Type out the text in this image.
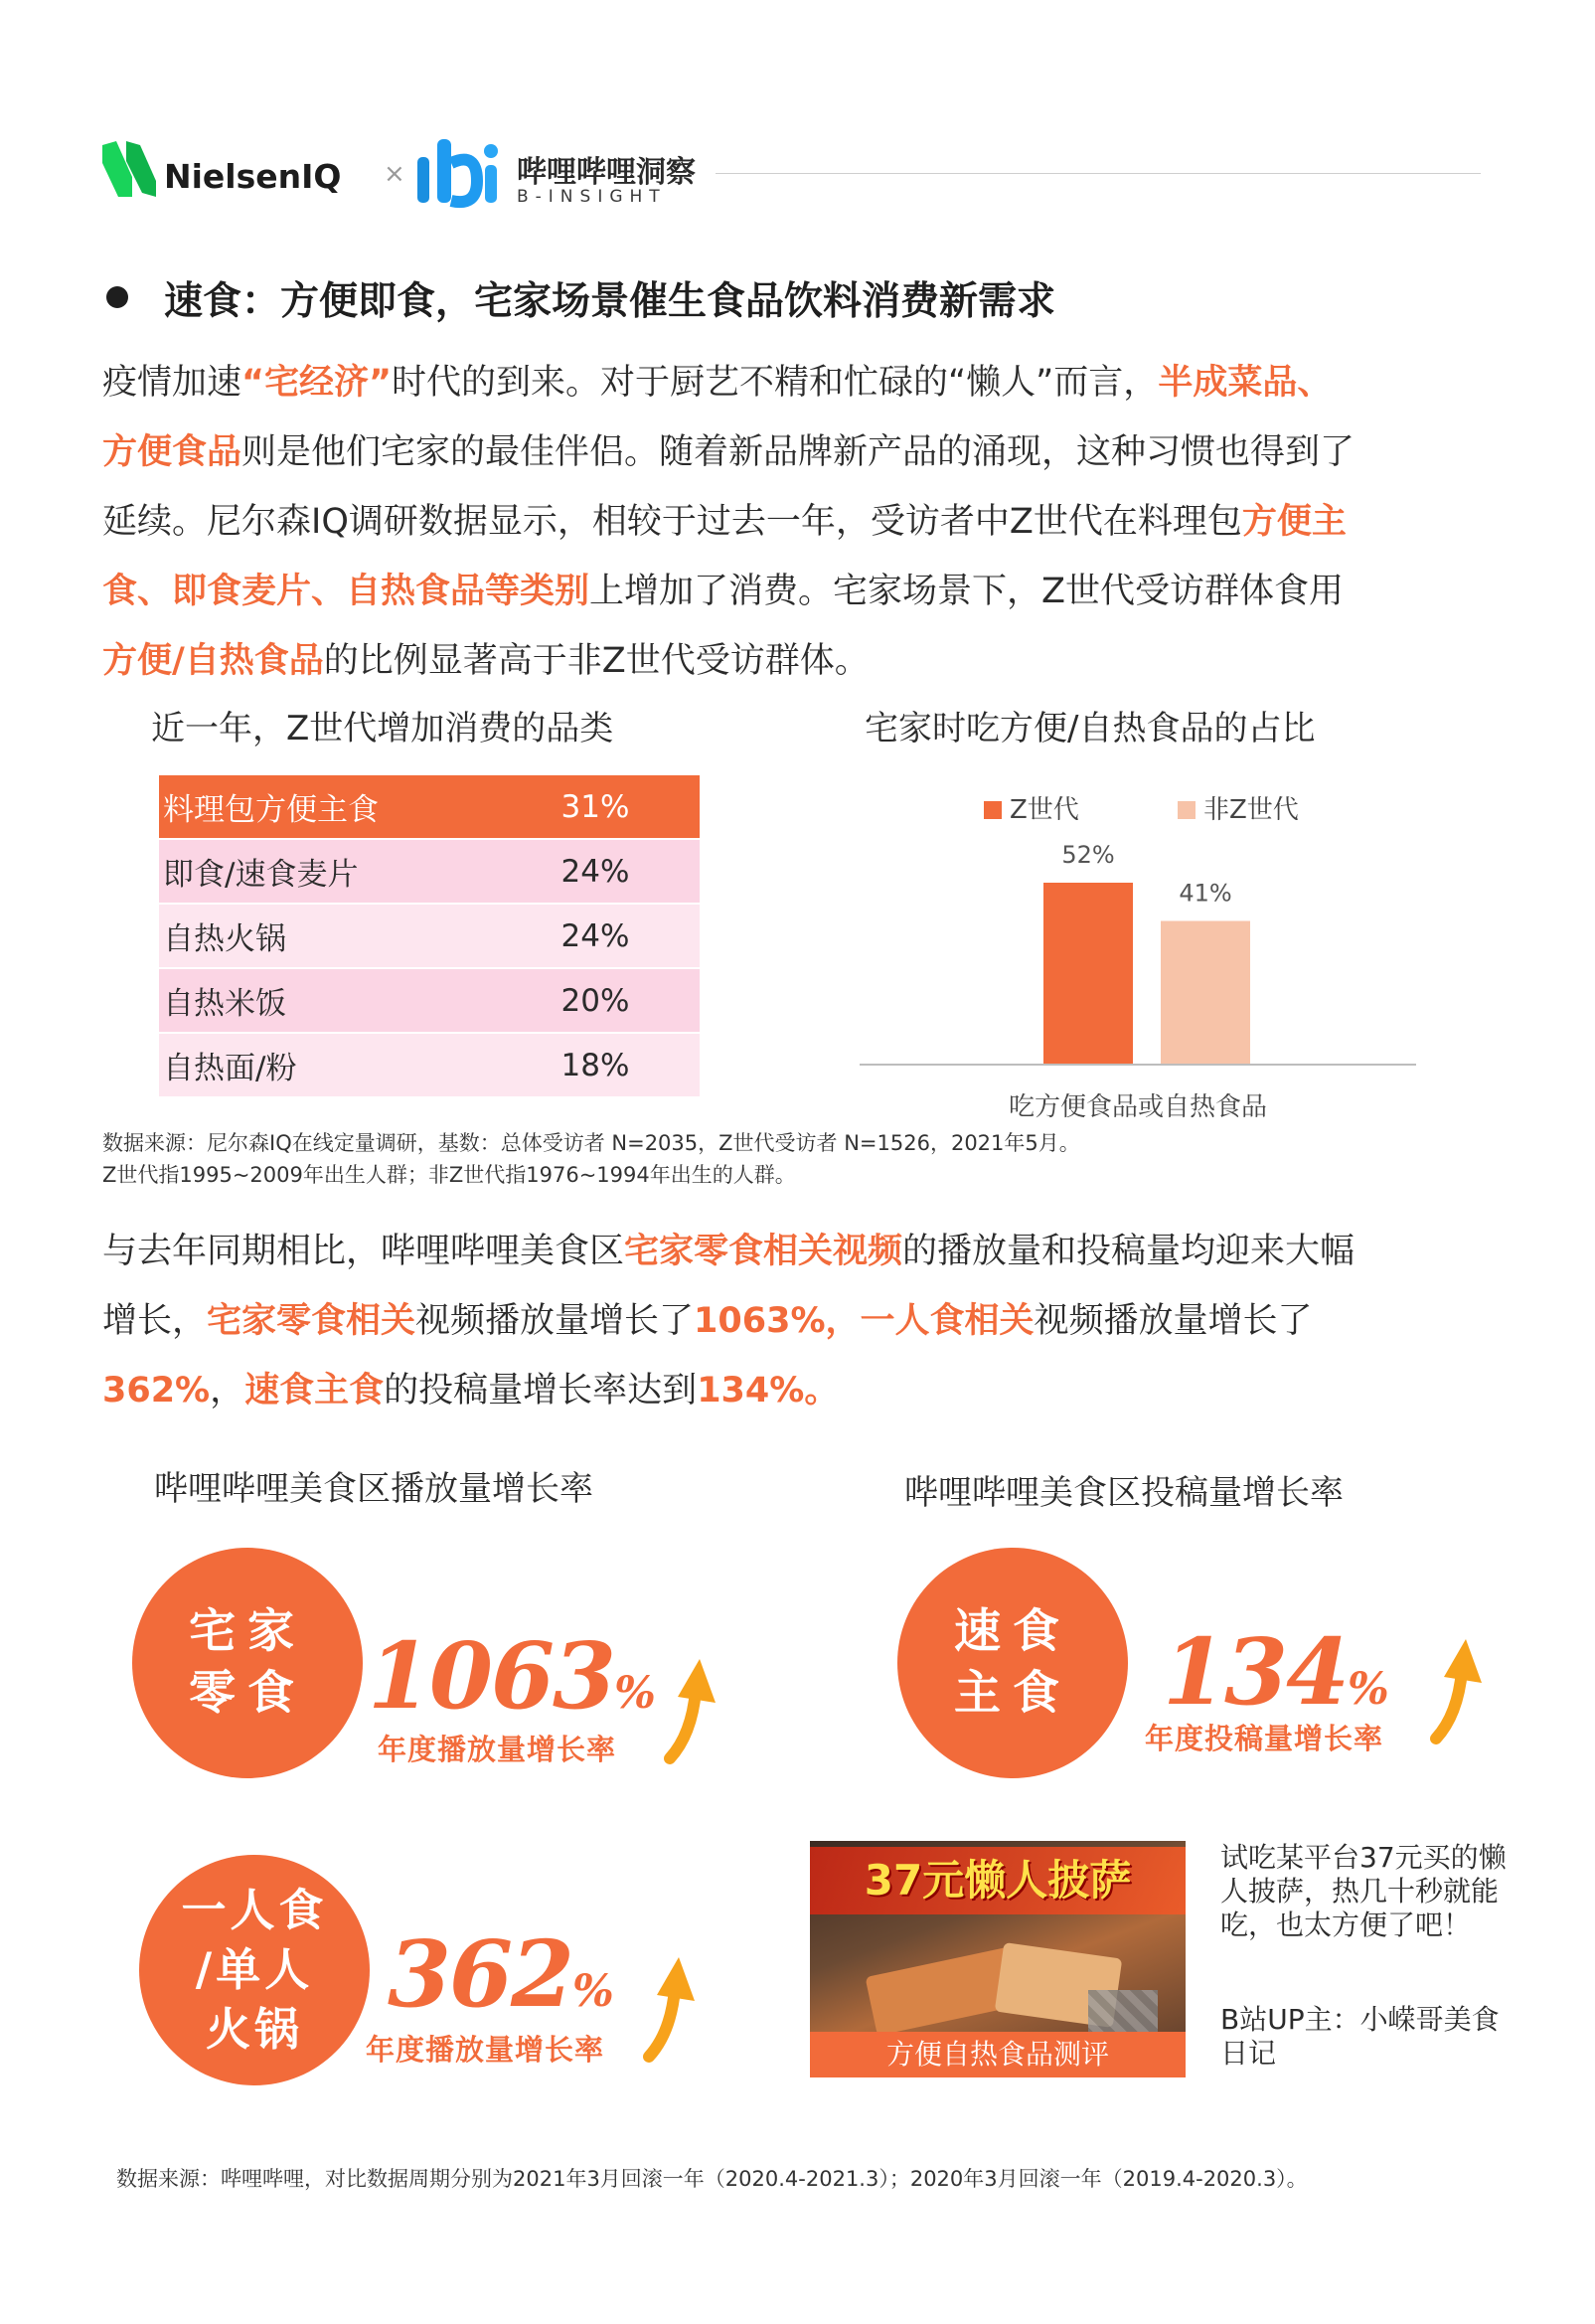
NielsenIQ ×	哔哩哔哩洞察
B-INSIGHT
速食：方便即食，宅家场景催生食品饮料消费新需求
疫情加速“宅经济”时代的到来。对于厨艺不精和忙碌的“懒人”而言，半成菜品、
方便食品则是他们宅家的最佳伴侣。随着新品牌新产品的涌现，这种习惯也得到了
延续。尼尔森IQ调研数据显示，相较于过去一年，受访者中Z世代在料理包方便主
食、即食麦片、自热食品等类别上增加了消费。宅家场景下，Z世代受访群体食用
方便/自热食品的比例显著高于非Z世代受访群体。
近一年，Z世代增加消费的品类
料理包方便主食	31%
即食/速食麦片	24%
自热火锅	24%
自热米饭	20%
自热面/粉	18%
宅家时吃方便/自热食品的占比
Z世代	非Z世代
52%
41%
吃方便食品或自热食品
数据来源：尼尔森IQ在线定量调研，基数：总体受访者 N=2035，Z世代受访者 N=1526，2021年5月。
Z世代指1995~2009年出生人群；非Z世代指1976~1994年出生的人群。
与去年同期相比，哔哩哔哩美食区宅家零食相关视频的播放量和投稿量均迎来大幅
增长，宅家零食相关视频播放量增长了1063%，一人食相关视频播放量增长了
362%，速食主食的投稿量增长率达到134%。
哔哩哔哩美食区播放量增长率	哔哩哔哩美食区投稿量增长率
宅家
零食 1063%
年度播放量增长率
速食
主食 134%
年度投稿量增长率
一人食
/单人
火锅
362%
年度播放量增长率
37元懒人披萨
方便自热食品测评
试吃某平台37元买的懒人披萨，热几十秒就能吃，也太方便了吧！
B站UP主：小嵘哥美食日记
数据来源：哔哩哔哩，对比数据周期分别为2021年3月回滚一年（2020.4-2021.3）；2020年3月回滚一年（2019.4-2020.3）。
